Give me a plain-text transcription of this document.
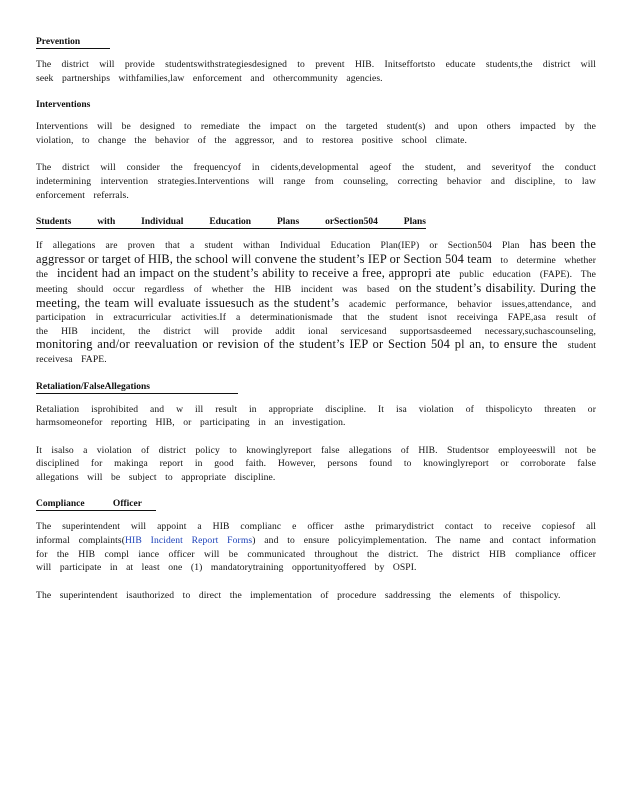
Prevention

The district will provide studentswithstrategiesdesigned to prevent HIB. Initseffortsto educate students,the district will seek partnerships withfamilies,law enforcement and othercommunity agencies.

Interventions

Interventions will be designed to remediate the impact on the targeted student(s) and upon others impacted by the violation, to change the behavior of the aggressor, and to restorea positive school climate.

The district will consider the frequencyof in cidents,developmental ageof the student, and severityof the conduct indetermining intervention strategies.Interventions will range from counseling, correcting behavior and discipline, to law enforcement referrals.

Students	with	Individual	Education	Plans	orSection504	Plans

If allegations are proven that a student withan Individual Education Plan(IEP) or Section504 Plan has been the aggressor or target of HIB, the school will convene the student’s IEP or Section 504 team to determine whether the incident had an impact on the student’s ability to receive a free, appropri ate public education (FAPE). The meeting should occur regardless of whether the HIB incident was based on the student’s disability. During the meeting, the team will evaluate issuesuch as the student’s academic performance, behavior issues,attendance, and participation in extracurricular activities.If a determinationismade that the student isnot receivinga FAPE,asa result of the HIB incident, the district will provide addit ional servicesand supportsasdeemed necessary,suchascounseling, monitoring and/or reevaluation or revision of the student’s IEP or Section 504 pl an, to ensure the student receivesa FAPE.

Retaliation/FalseAllegations

Retaliation isprohibited and w ill result in appropriate discipline. It isa violation of thispolicyto threaten or harmsomeonefor reporting HIB, or participating in an investigation.

It isalso a violation of district policy to knowinglyreport false allegations of HIB. Studentsor employeeswill not be disciplined for makinga report in good faith. However, persons found to knowinglyreport or corroborate false allegations will be subject to appropriate discipline.

Compliance Officer

The superintendent will appoint a HIB complianc e officer asthe primarydistrict contact to receive copiesof all informal complaints(HIB Incident Report Forms) and to ensure policyimplementation. The name and contact information for the HIB compl iance officer will be communicated throughout the district. The district HIB compliance officer will participate in at least one (1) mandatorytraining opportunityoffered by OSPI.

The superintendent isauthorized to direct the implementation of procedure saddressing the elements of thispolicy.
